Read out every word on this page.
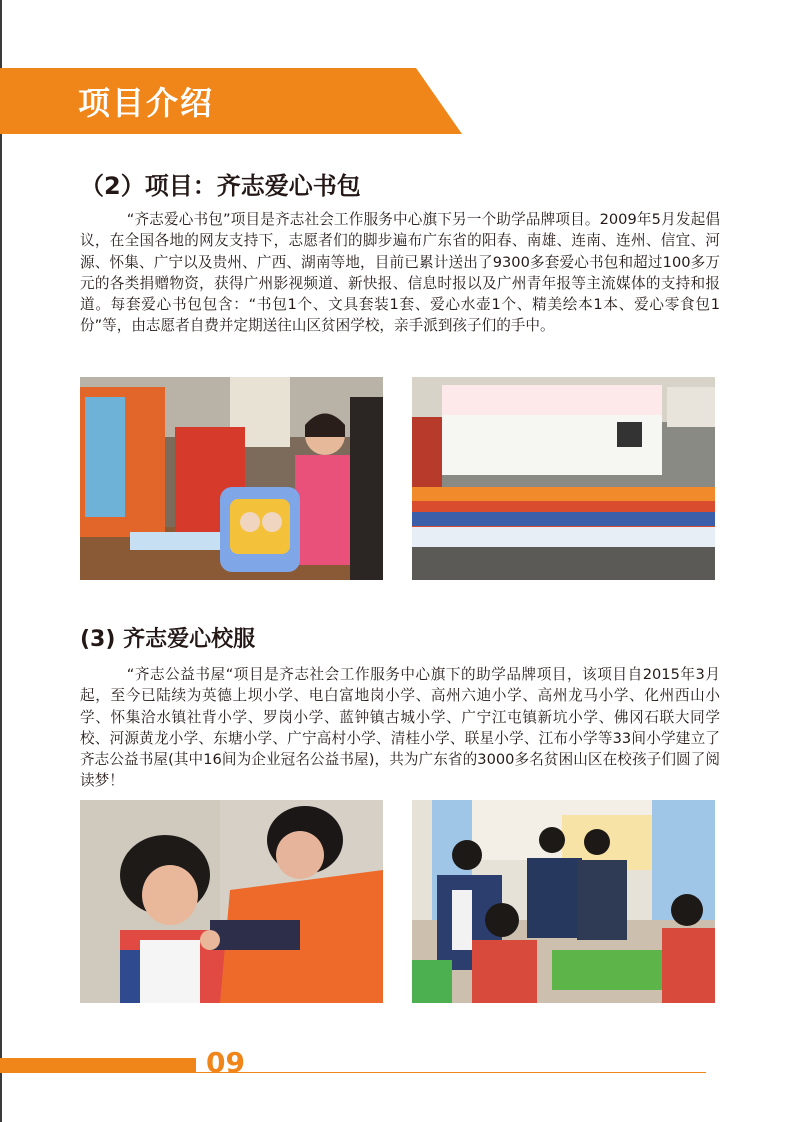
项目介绍
（2）项目：齐志爱心书包

“齐志爱心书包”项目是齐志社会工作服务中心旗下另一个助学品牌项目。2009年5月发起倡议，在全国各地的网友支持下，志愿者们的脚步遍布广东省的阳春、南雄、连南、连州、信宜、河源、怀集、广宁以及贵州、广西、湖南等地，目前已累计送出了9300多套爱心书包和超过100多万元的各类捐赠物资，获得广州影视频道、新快报、信息时报以及广州青年报等主流媒体的支持和报道。每套爱心书包包含：“书包1个、文具套装1套、爱心水壶1个、精美绘本1本、爱心零食包1份”等，由志愿者自费并定期送往山区贫困学校，亲手派到孩子们的手中。

(3) 齐志爱心校服

“齐志公益书屋“项目是齐志社会工作服务中心旗下的助学品牌项目，该项目自2015年3月起，至今已陆续为英德上坝小学、电白富地岗小学、高州六迪小学、高州龙马小学、化州西山小学、怀集洽水镇社背小学、罗岗小学、蓝钟镇古城小学、广宁江屯镇新坑小学、佛冈石联大同学校、河源黄龙小学、东塘小学、广宁高村小学、清桂小学、联星小学、江布小学等33间小学建立了齐志公益书屋(其中16间为企业冠名公益书屋)，共为广东省的3000多名贫困山区在校孩子们圆了阅读梦！

09
